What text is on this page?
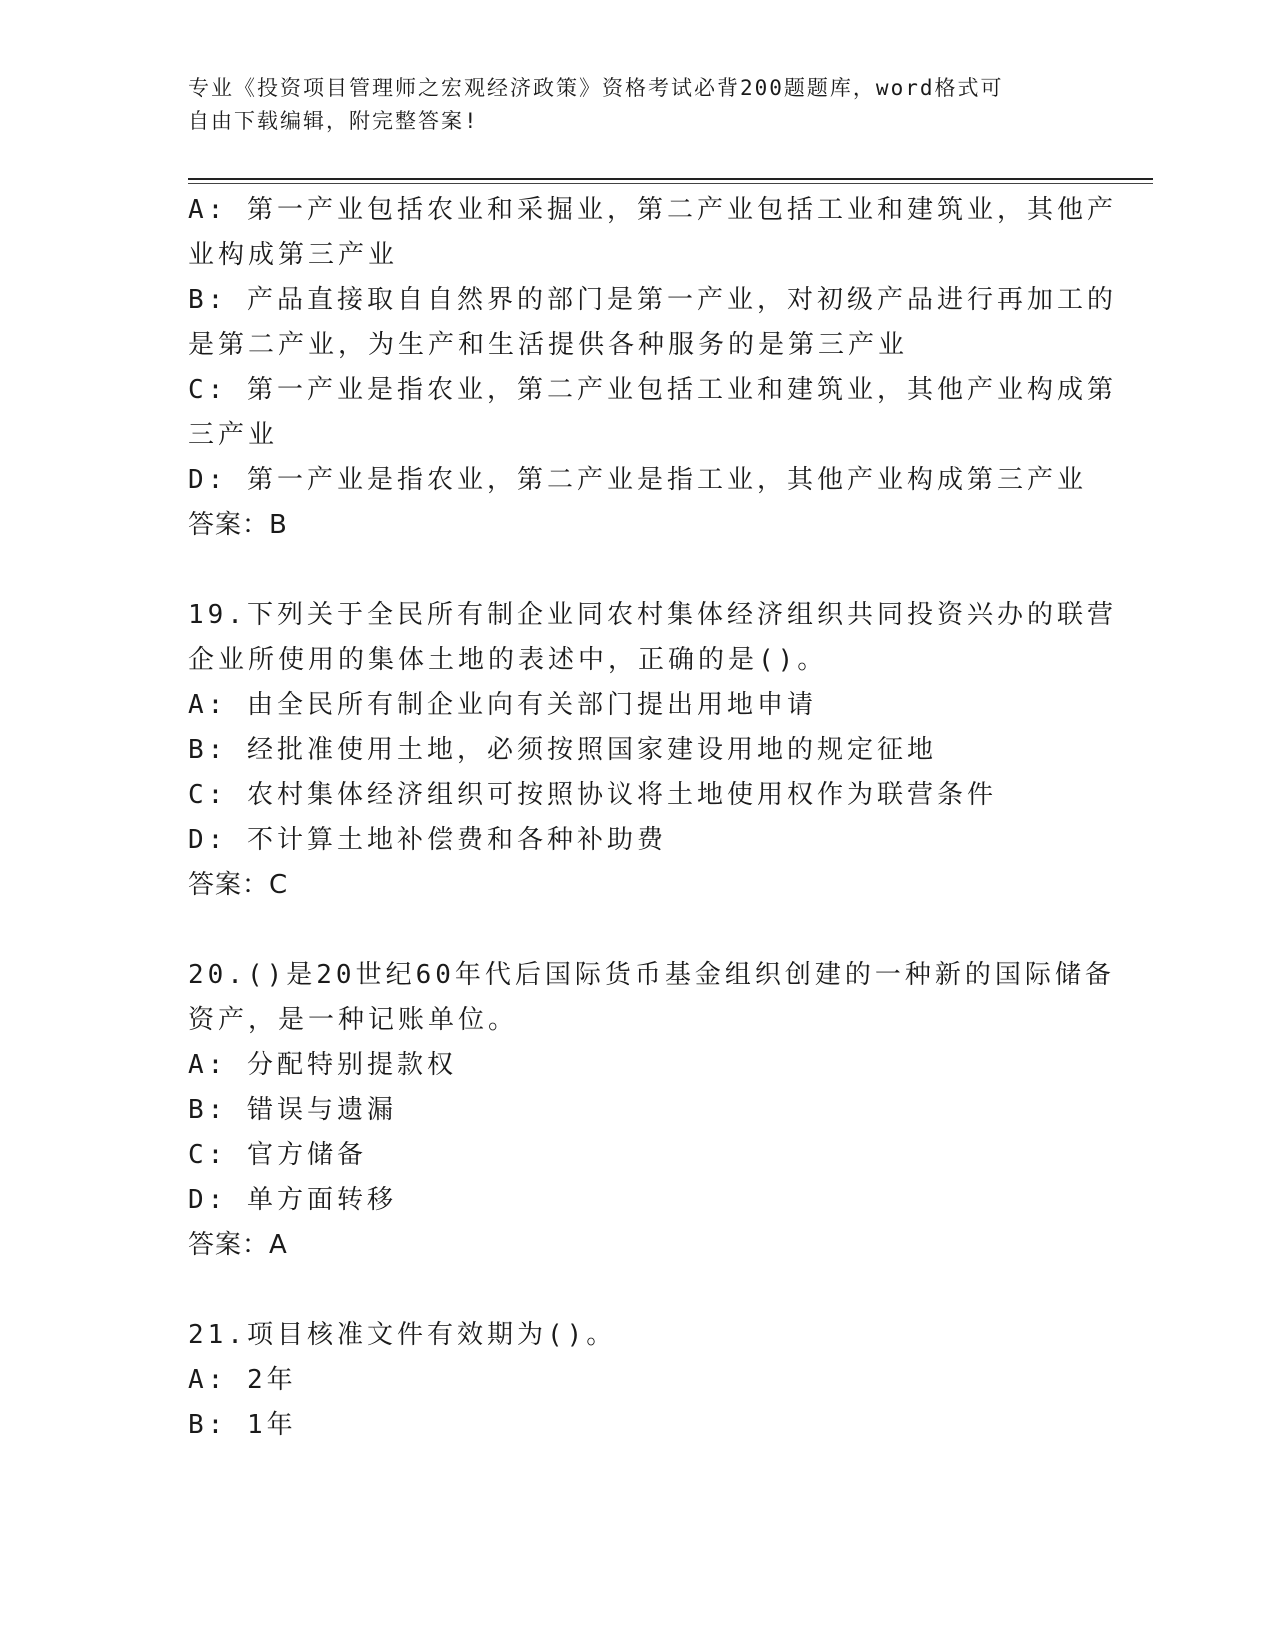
专业《投资项目管理师之宏观经济政策》资格考试必背200题题库，word格式可
自由下载编辑，附完整答案!
A: 第一产业包括农业和采掘业，第二产业包括工业和建筑业，其他产
业构成第三产业
B: 产品直接取自自然界的部门是第一产业，对初级产品进行再加工的
是第二产业，为生产和生活提供各种服务的是第三产业
C: 第一产业是指农业，第二产业包括工业和建筑业，其他产业构成第
三产业
D: 第一产业是指农业，第二产业是指工业，其他产业构成第三产业
答案：B
19.下列关于全民所有制企业同农村集体经济组织共同投资兴办的联营
企业所使用的集体土地的表述中，正确的是()。
A: 由全民所有制企业向有关部门提出用地申请
B: 经批准使用土地，必须按照国家建设用地的规定征地
C: 农村集体经济组织可按照协议将土地使用权作为联营条件
D: 不计算土地补偿费和各种补助费
答案：C
20.()是20世纪60年代后国际货币基金组织创建的一种新的国际储备
资产，是一种记账单位。
A: 分配特别提款权
B: 错误与遗漏
C: 官方储备
D: 单方面转移
答案：A
21.项目核准文件有效期为()。
A: 2年
B: 1年
